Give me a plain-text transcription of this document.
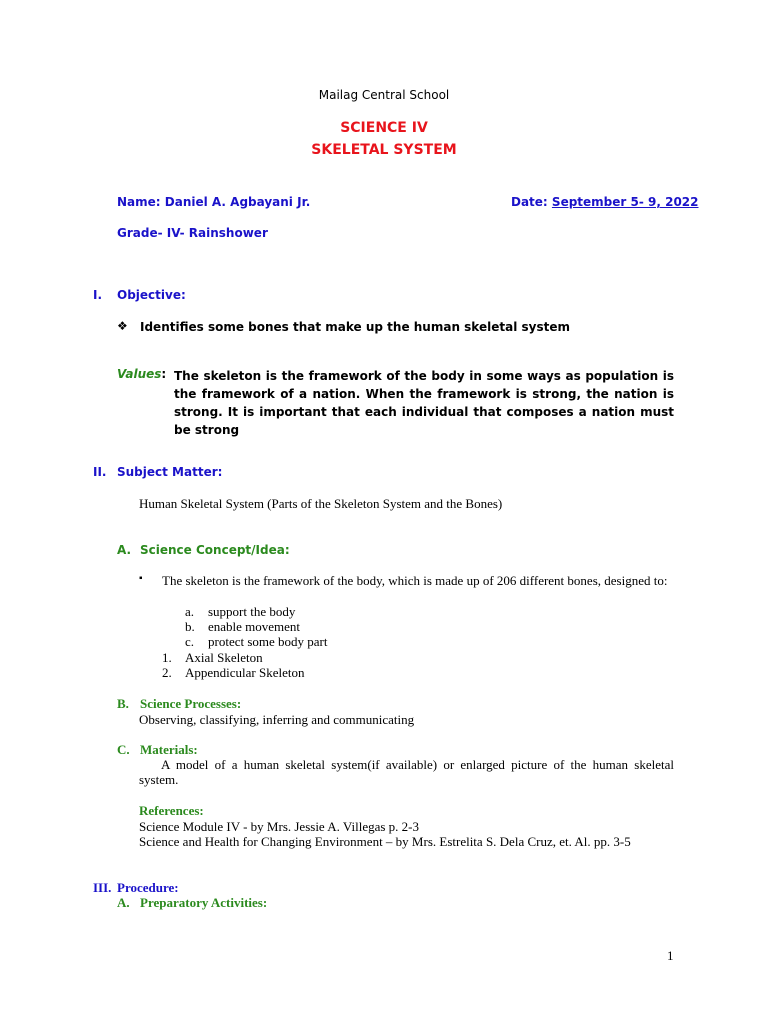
Mailag Central School
SCIENCE IV
SKELETAL SYSTEM
Name: Daniel A. Agbayani Jr.	Date: September 5- 9, 2022
Grade- IV- Rainshower
I. Objective:
❖ Identifies some bones that make up the human skeletal system
Values: The skeleton is the framework of the body in some ways as population is the framework of a nation. When the framework is strong, the nation is strong. It is important that each individual that composes a nation must be strong
II. Subject Matter:
Human Skeletal System (Parts of the Skeleton System and the Bones)
A. Science Concept/Idea:
▪ The skeleton is the framework of the body, which is made up of 206 different bones, designed to:
a. support the body
b. enable movement
c. protect some body part
1. Axial Skeleton
2. Appendicular Skeleton
B. Science Processes:
Observing, classifying, inferring and communicating
C. Materials:
A model of a human skeletal system(if available) or enlarged picture of the human skeletal system.
References:
Science Module IV - by Mrs. Jessie A. Villegas p. 2-3
Science and Health for Changing Environment – by Mrs. Estrelita S. Dela Cruz, et. Al. pp. 3-5
III. Procedure:
A. Preparatory Activities:
1
